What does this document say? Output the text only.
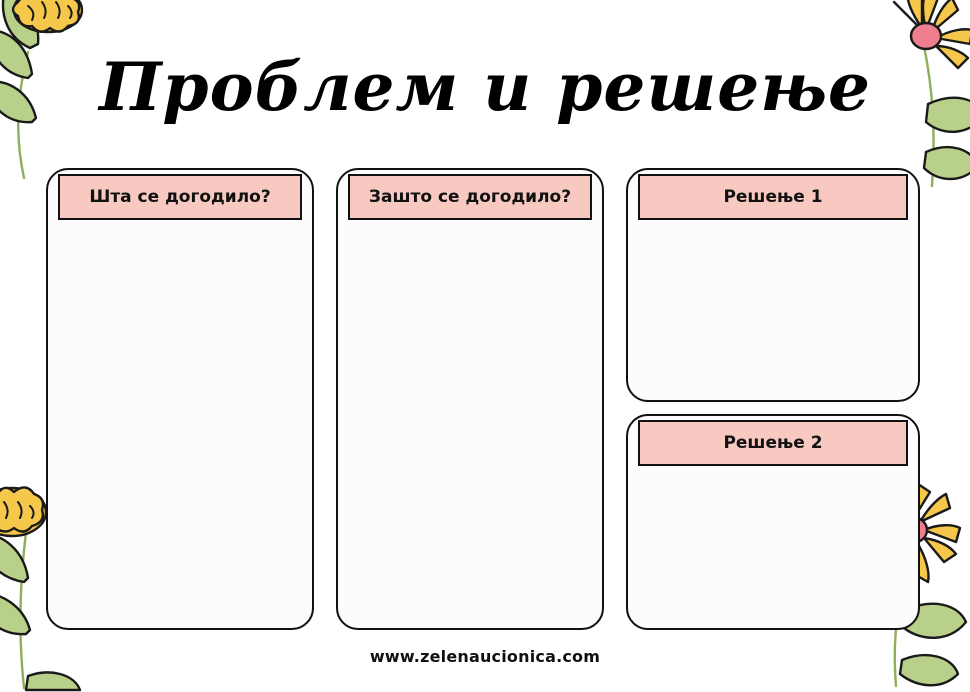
Проблем и решење
Шта се догодило?	Зашто се догодило?	Решење 1
Решење 2
www.zelenaucionica.com
